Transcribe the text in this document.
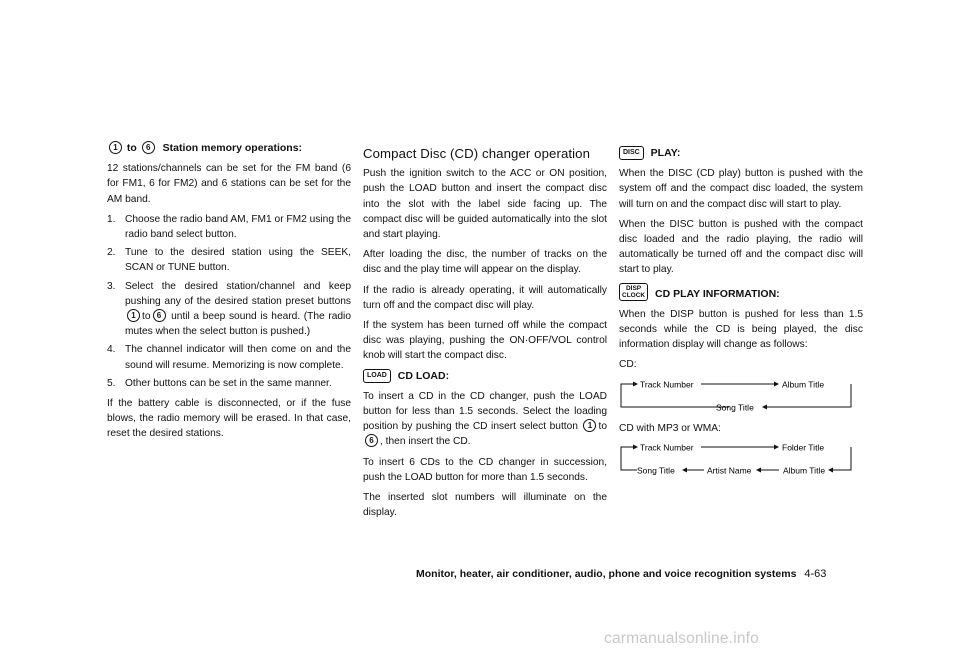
1 to 6 Station memory operations:

12 stations/channels can be set for the FM band (6 for FM1, 6 for FM2) and 6 stations can be set for the AM band.

1. Choose the radio band AM, FM1 or FM2 using the radio band select button.
2. Tune to the desired station using the SEEK, SCAN or TUNE button.
3. Select the desired station/channel and keep pushing any of the desired station preset buttons 1 to 6 until a beep sound is heard. (The radio mutes when the select button is pushed.)
4. The channel indicator will then come on and the sound will resume. Memorizing is now complete.
5. Other buttons can be set in the same manner.

If the battery cable is disconnected, or if the fuse blows, the radio memory will be erased. In that case, reset the desired stations.

Compact Disc (CD) changer operation

Push the ignition switch to the ACC or ON position, push the LOAD button and insert the compact disc into the slot with the label side facing up. The compact disc will be guided automatically into the slot and start playing.

After loading the disc, the number of tracks on the disc and the play time will appear on the display.

If the radio is already operating, it will automatically turn off and the compact disc will play.

If the system has been turned off while the compact disc was playing, pushing the ON·OFF/VOL control knob will start the compact disc.

LOAD CD LOAD:

To insert a CD in the CD changer, push the LOAD button for less than 1.5 seconds. Select the loading position by pushing the CD insert select button 1 to6 , then insert the CD.

To insert 6 CDs to the CD changer in succession, push the LOAD button for more than 1.5 seconds.

The inserted slot numbers will illuminate on the display.

DISC PLAY:

When the DISC (CD play) button is pushed with the system off and the compact disc loaded, the system will turn on and the compact disc will start to play.

When the DISC button is pushed with the compact disc loaded and the radio playing, the radio will automatically be turned off and the compact disc will start to play.

DISP
CLOCK CD PLAY INFORMATION:

When the DISP button is pushed for less than 1.5 seconds while the CD is being played, the disc information display will change as follows:

CD:

Track Number	Album Title
Song Title

CD with MP3 or WMA:

Track Number	Folder Title
Album Title
Artist Name
Song Title
Monitor, heater, air conditioner, audio, phone and voice recognition systems 4-63
carmanualsonline.info
